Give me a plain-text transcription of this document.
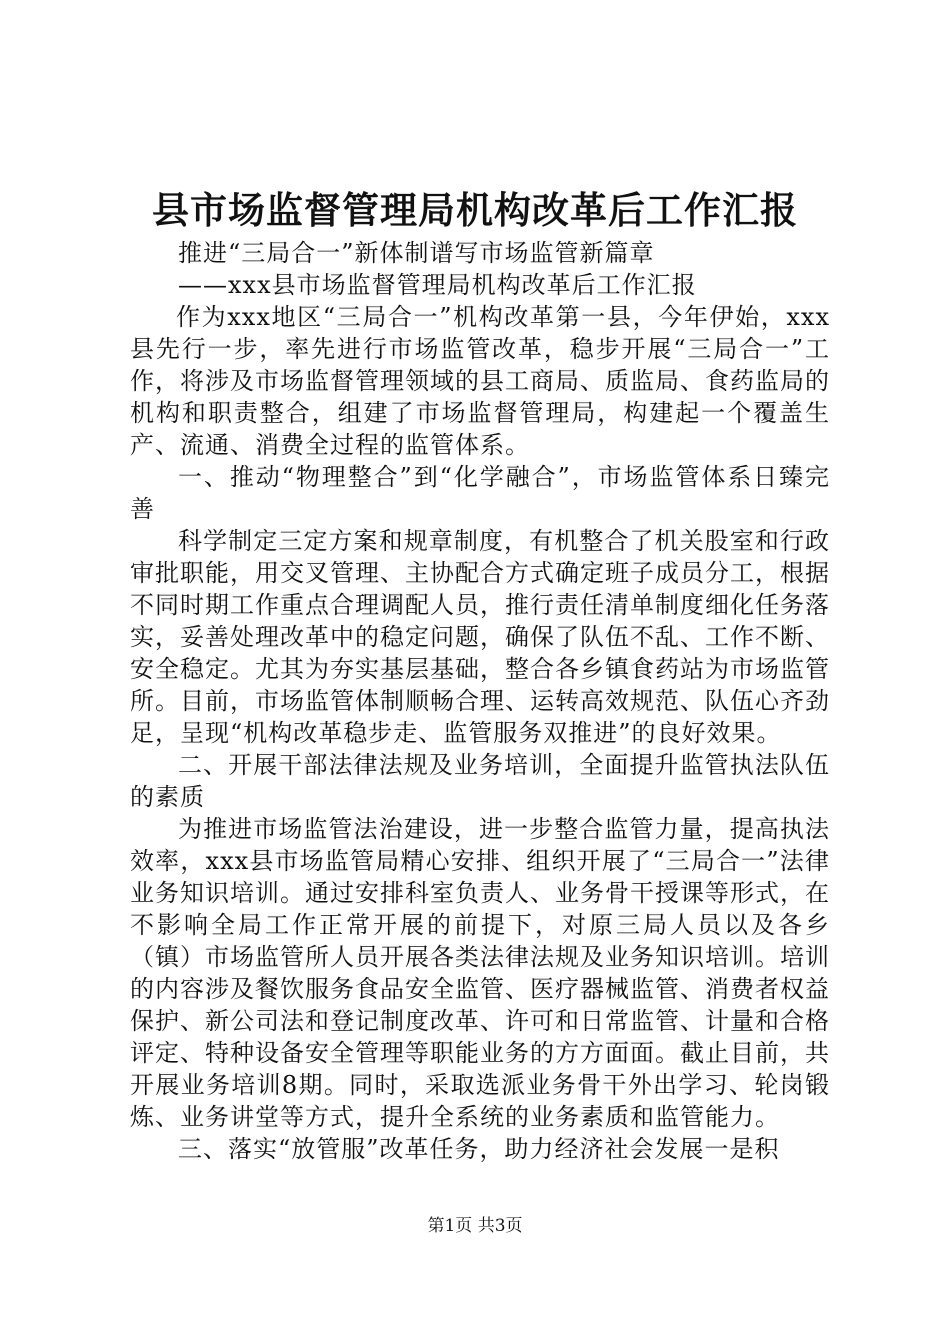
县市场监督管理局机构改革后工作汇报

推进“三局合一”新体制谱写市场监管新篇章

——xxx县市场监督管理局机构改革后工作汇报

作为xxx地区“三局合一”机构改革第一县，今年伊始，xxx县先行一步，率先进行市场监管改革，稳步开展“三局合一”工作，将涉及市场监督管理领域的县工商局、质监局、食药监局的机构和职责整合，组建了市场监督管理局，构建起一个覆盖生产、流通、消费全过程的监管体系。

一、推动“物理整合”到“化学融合”，市场监管体系日臻完善

科学制定三定方案和规章制度，有机整合了机关股室和行政审批职能，用交叉管理、主协配合方式确定班子成员分工，根据不同时期工作重点合理调配人员，推行责任清单制度细化任务落实，妥善处理改革中的稳定问题，确保了队伍不乱、工作不断、安全稳定。尤其为夯实基层基础，整合各乡镇食药站为市场监管所。目前，市场监管体制顺畅合理、运转高效规范、队伍心齐劲足，呈现“机构改革稳步走、监管服务双推进”的良好效果。

二、开展干部法律法规及业务培训，全面提升监管执法队伍的素质

为推进市场监管法治建设，进一步整合监管力量，提高执法效率，xxx县市场监管局精心安排、组织开展了“三局合一”法律业务知识培训。通过安排科室负责人、业务骨干授课等形式，在不影响全局工作正常开展的前提下，对原三局人员以及各乡（镇）市场监管所人员开展各类法律法规及业务知识培训。培训的内容涉及餐饮服务食品安全监管、医疗器械监管、消费者权益保护、新公司法和登记制度改革、许可和日常监管、计量和合格评定、特种设备安全管理等职能业务的方方面面。截止目前，共开展业务培训8期。同时，采取选派业务骨干外出学习、轮岗锻炼、业务讲堂等方式，提升全系统的业务素质和监管能力。

三、落实“放管服”改革任务，助力经济社会发展一是积

第1页 共3页
